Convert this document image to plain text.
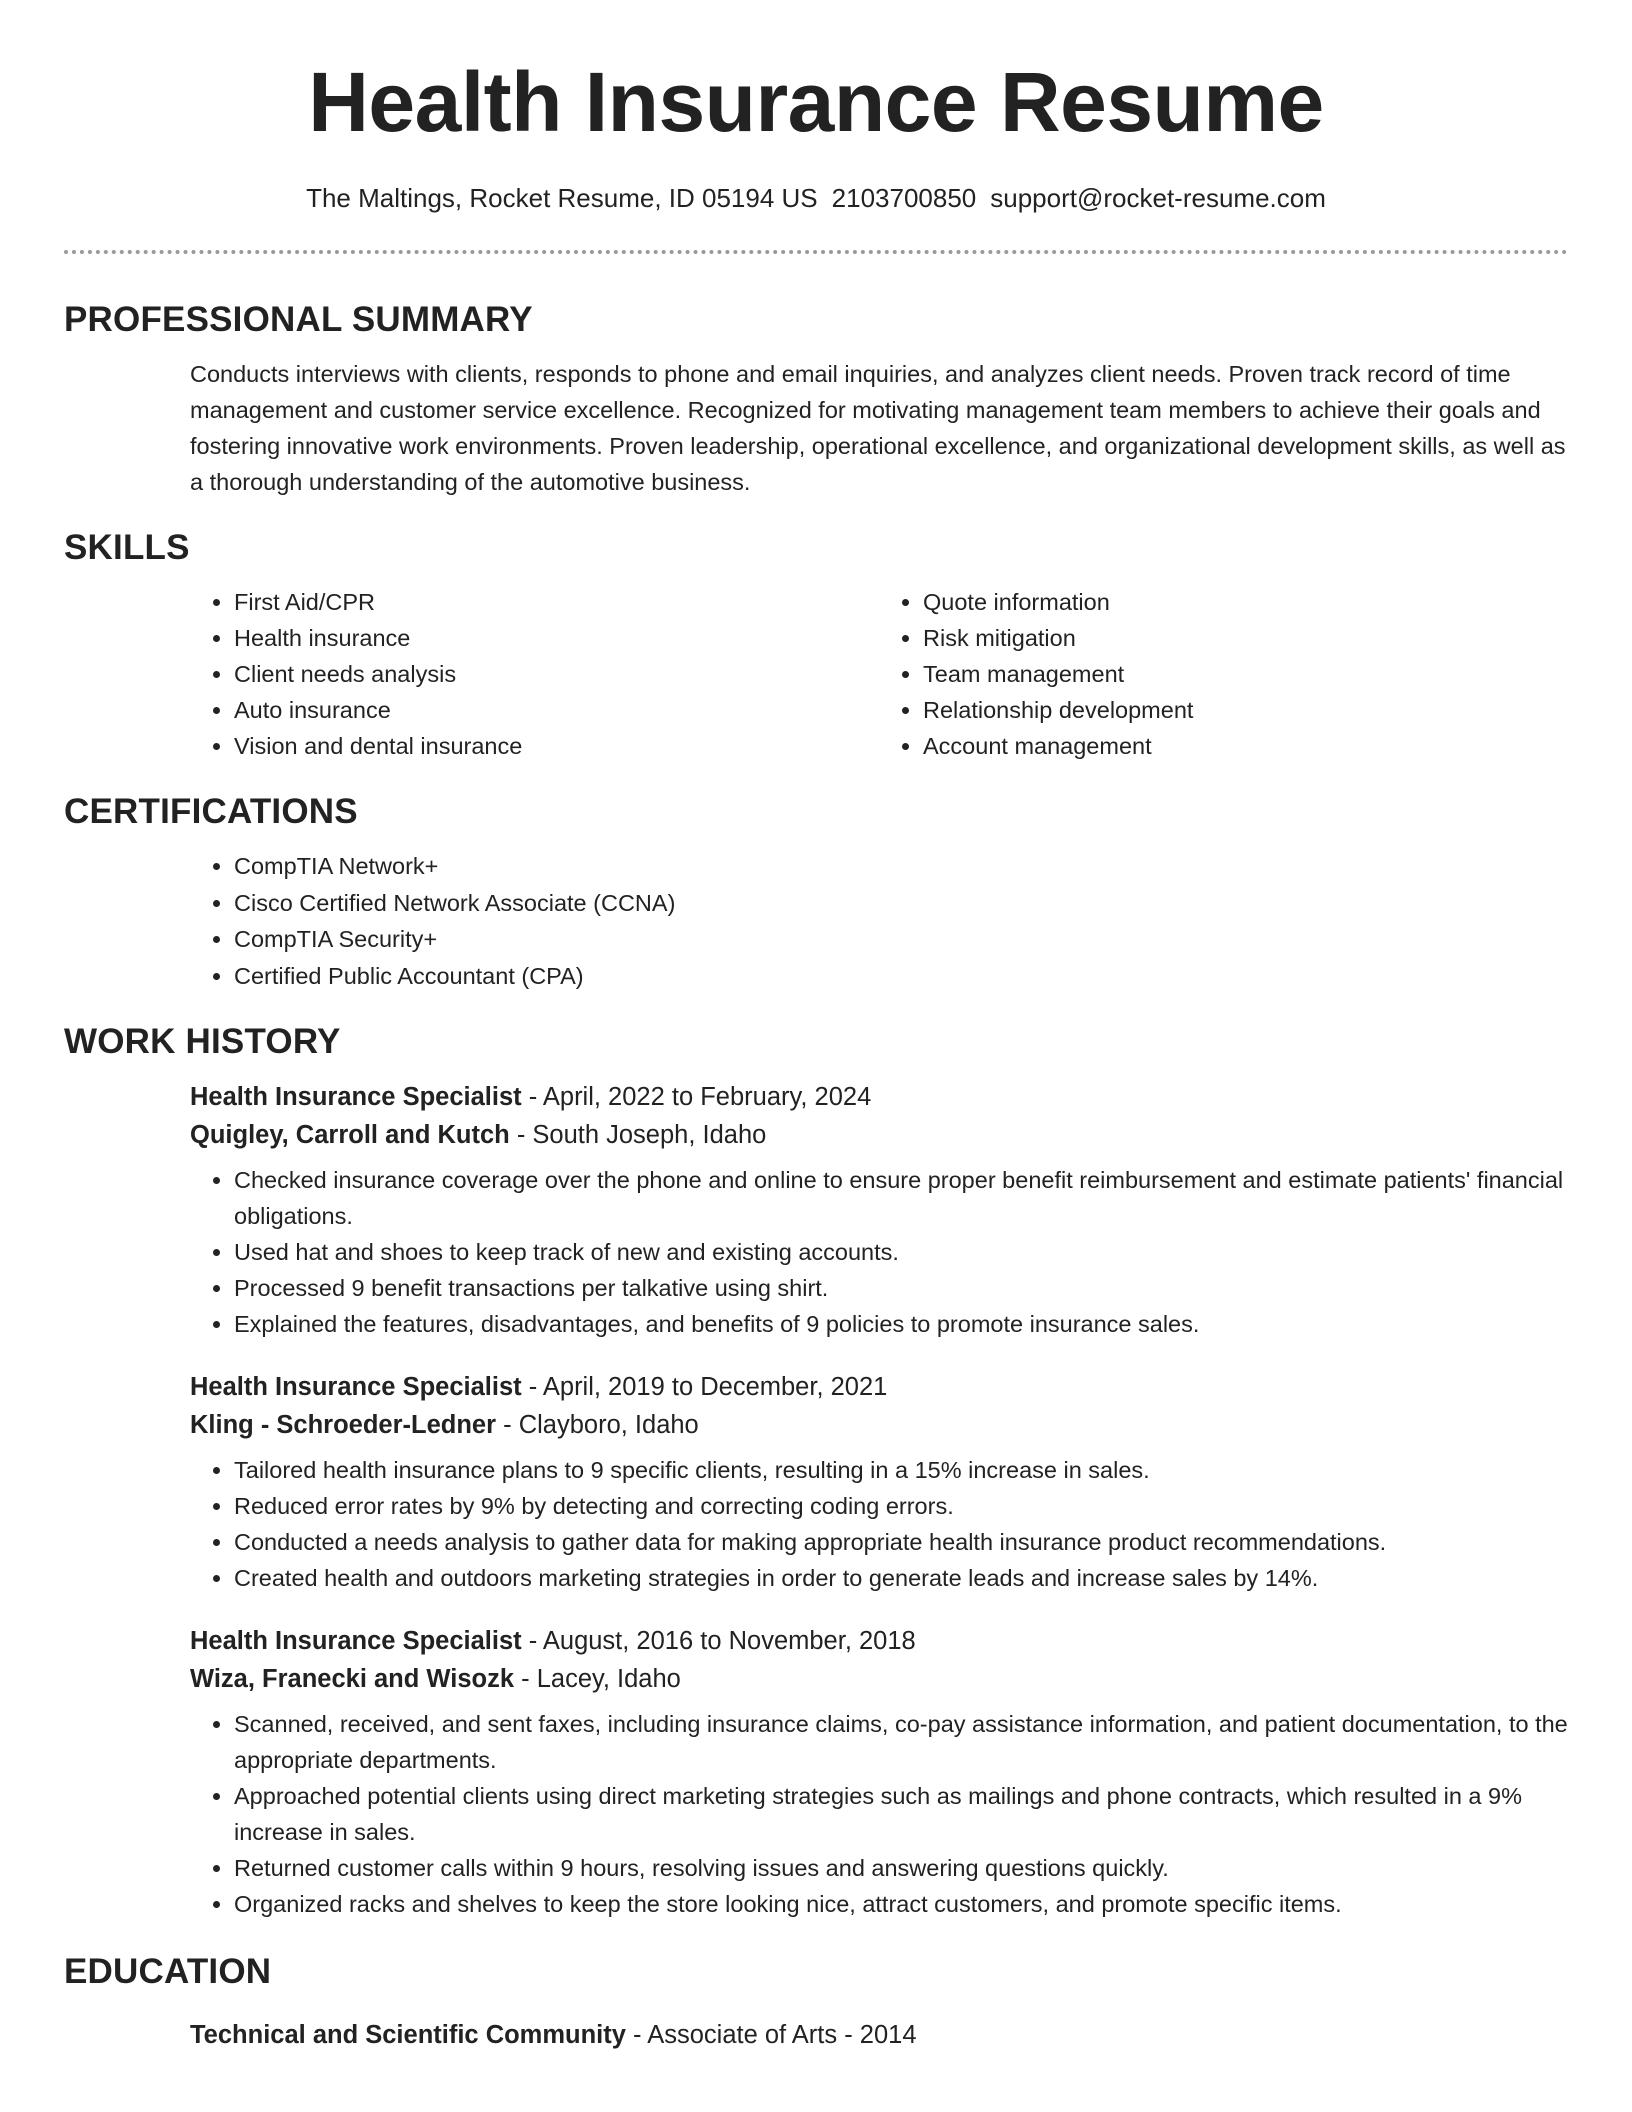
Health Insurance Resume
The Maltings, Rocket Resume, ID 05194 US 2103700850 support@rocket-resume.com
PROFESSIONAL SUMMARY
Conducts interviews with clients, responds to phone and email inquiries, and analyzes client needs. Proven track record of time management and customer service excellence. Recognized for motivating management team members to achieve their goals and fostering innovative work environments. Proven leadership, operational excellence, and organizational development skills, as well as a thorough understanding of the automotive business.
SKILLS
• First Aid/CPR
• Health insurance
• Client needs analysis
• Auto insurance
• Vision and dental insurance
• Quote information
• Risk mitigation
• Team management
• Relationship development
• Account management
CERTIFICATIONS
• CompTIA Network+
• Cisco Certified Network Associate (CCNA)
• CompTIA Security+
• Certified Public Accountant (CPA)
WORK HISTORY
Health Insurance Specialist - April, 2022 to February, 2024
Quigley, Carroll and Kutch - South Joseph, Idaho
• Checked insurance coverage over the phone and online to ensure proper benefit reimbursement and estimate patients' financial obligations.
• Used hat and shoes to keep track of new and existing accounts.
• Processed 9 benefit transactions per talkative using shirt.
• Explained the features, disadvantages, and benefits of 9 policies to promote insurance sales.
Health Insurance Specialist - April, 2019 to December, 2021
Kling - Schroeder-Ledner - Clayboro, Idaho
• Tailored health insurance plans to 9 specific clients, resulting in a 15% increase in sales.
• Reduced error rates by 9% by detecting and correcting coding errors.
• Conducted a needs analysis to gather data for making appropriate health insurance product recommendations.
• Created health and outdoors marketing strategies in order to generate leads and increase sales by 14%.
Health Insurance Specialist - August, 2016 to November, 2018
Wiza, Franecki and Wisozk - Lacey, Idaho
• Scanned, received, and sent faxes, including insurance claims, co-pay assistance information, and patient documentation, to the appropriate departments.
• Approached potential clients using direct marketing strategies such as mailings and phone contracts, which resulted in a 9% increase in sales.
• Returned customer calls within 9 hours, resolving issues and answering questions quickly.
• Organized racks and shelves to keep the store looking nice, attract customers, and promote specific items.
EDUCATION
Technical and Scientific Community - Associate of Arts - 2014
